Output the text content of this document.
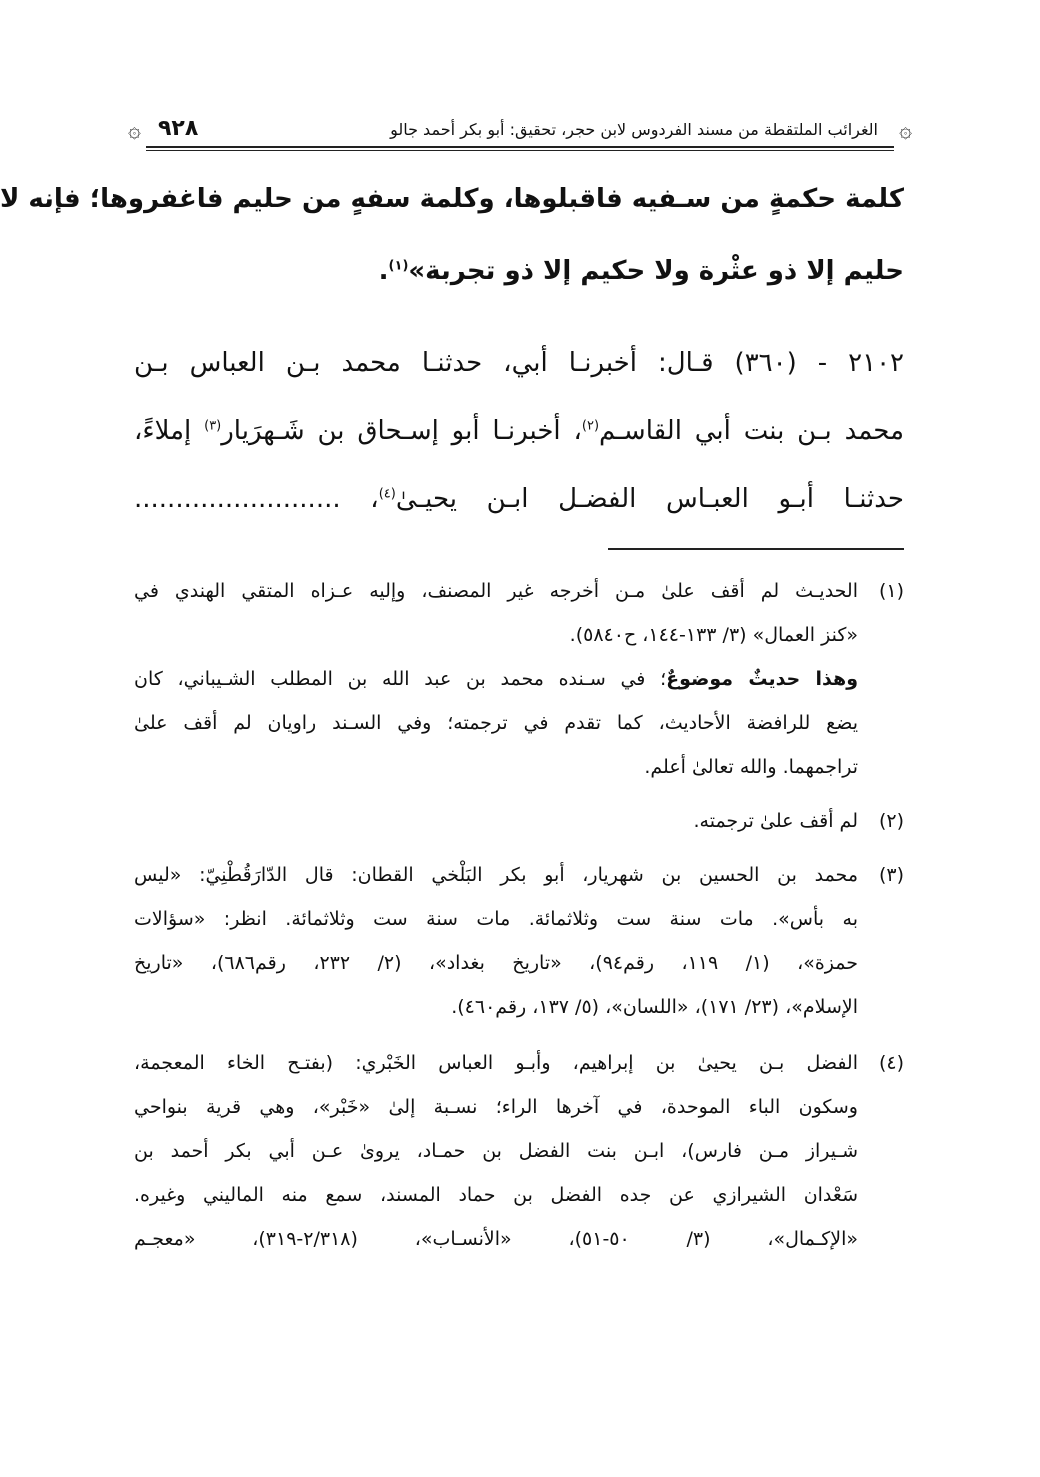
۞
الغرائب الملتقطة من مسند الفردوس لابن حجر، تحقيق: أبو بكر أحمد جالو
٩٢٨
۞
كلمة حكمةٍ من سـفيه فاقبلوها، وكلمة سفهٍ من حليم فاغفروها؛ فإنه لا
حليم إلا ذو عثْرة ولا حكيم إلا ذو تجربة»$^{(١)}$.
٢١٠٢ - (٣٦٠) قـال: أخبرنـا أبي، حدثنـا محمد بـن العباس بـن
محمد بـن بنت أبي القاسـم$^{(٢)}$، أخبرنـا أبو إسـحاق بن شَـهرَيار$^{(٣)}$ إملاءً،
حدثنـا أبـو العبـاس الفضـل ابـن يحيـىٰ$^{(٤)}$، .........................
(١)
الحديـث لم أقف علىٰ مـن أخرجه غير المصنف، وإليه عـزاه المتقي الهندي في
«كنز العمال» (٣/ ١٣٣-١٤٤، ح٥٨٤٠).
وهذا حديثٌ موضوعٌ؛ في سـنده محمد بن عبد الله بن المطلب الشـيباني، كان
يضع للرافضة الأحاديث، كما تقدم في ترجمته؛ وفي السـند راويان لم أقف علىٰ
تراجمهما. والله تعالىٰ أعلم.
(٢)
لم أقف علىٰ ترجمته.
(٣)
محمد بن الحسين بن شهريار، أبو بكر البَلْخي القطان: قال الدّارَقُطْنِيّ: «ليس
به بأس». مات سنة ست وثلاثمائة. مات سنة ست وثلاثمائة. انظر: «سؤالات
حمزة»، (١/ ١١٩، رقم٩٤)، «تاريخ بغداد»، (٢/ ٢٣٢، رقم٦٨٦)، «تاريخ
الإسلام»، (٢٣/ ١٧١)، «اللسان»، (٥/ ١٣٧، رقم٤٦٠).
(٤)
الفضل بـن يحيىٰ بن إبراهيم، وأبـو العباس الخَبْري: (بفتـح الخاء المعجمة،
وسكون الباء الموحدة، في آخرها الراء؛ نسـبة إلىٰ «خَبْر»، وهي قرية بنواحي
شـيراز مـن فارس)، ابـن بنت الفضل بن حمـاد، يروىٰ عـن أبي بكر أحمد بن
سَعْدان الشيرازي عن جده الفضل بن حماد المسند، سمع منه الماليني وغيره.
«الإكـمال»، (٣/ ٥٠-٥١)، «الأنسـاب»، (٢/٣١٨-٣١٩)، «معجـم
